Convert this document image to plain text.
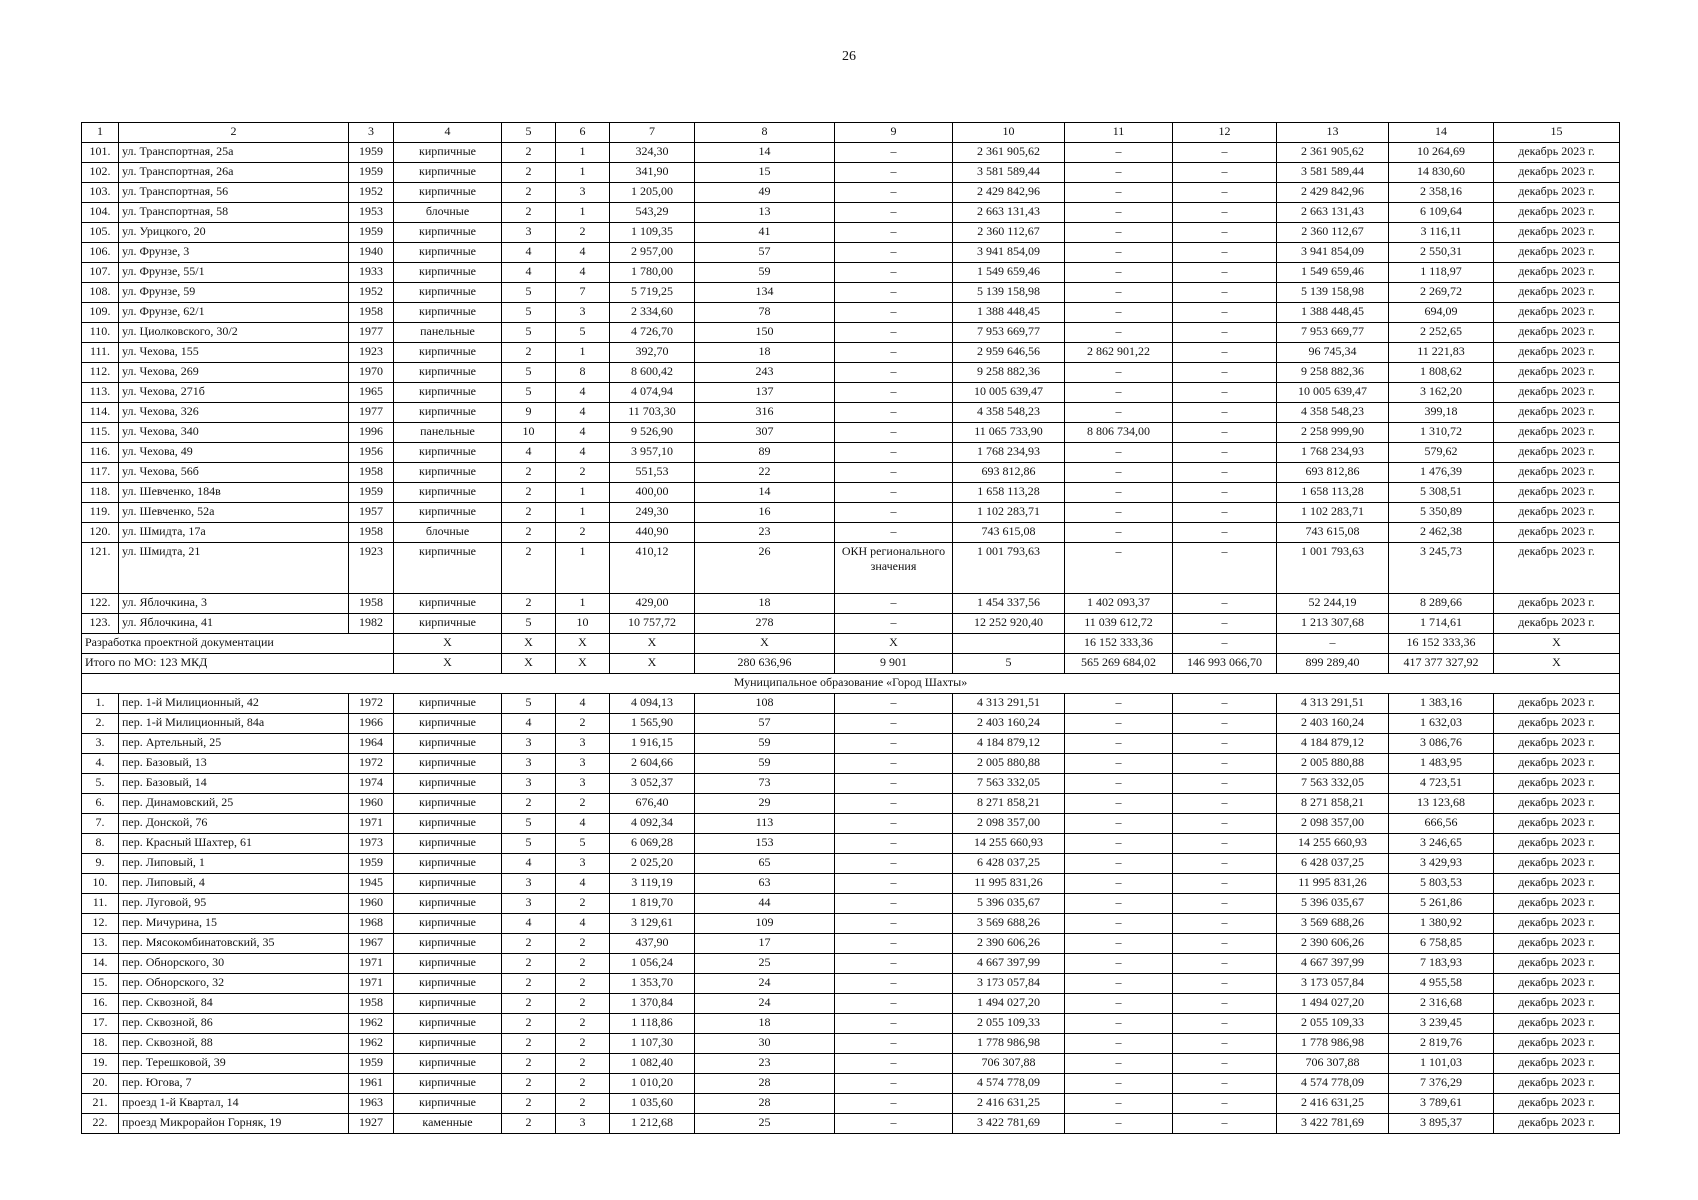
26
1	2	3	4	5	6	7	8	9	10	11	12	13	14	15	
101.	ул. Транспортная, 25а	1959	кирпичные	2	1	324,30	14	–	2 361 905,62	–	–	2 361 905,62	10 264,69	декабрь 2023 г.	
102.	ул. Транспортная, 26а	1959	кирпичные	2	1	341,90	15	–	3 581 589,44	–	–	3 581 589,44	14 830,60	декабрь 2023 г.	
103.	ул. Транспортная, 56	1952	кирпичные	2	3	1 205,00	49	–	2 429 842,96	–	–	2 429 842,96	2 358,16	декабрь 2023 г.	
104.	ул. Транспортная, 58	1953	блочные	2	1	543,29	13	–	2 663 131,43	–	–	2 663 131,43	6 109,64	декабрь 2023 г.	
105.	ул. Урицкого, 20	1959	кирпичные	3	2	1 109,35	41	–	2 360 112,67	–	–	2 360 112,67	3 116,11	декабрь 2023 г.	
106.	ул. Фрунзе, 3	1940	кирпичные	4	4	2 957,00	57	–	3 941 854,09	–	–	3 941 854,09	2 550,31	декабрь 2023 г.	
107.	ул. Фрунзе, 55/1	1933	кирпичные	4	4	1 780,00	59	–	1 549 659,46	–	–	1 549 659,46	1 118,97	декабрь 2023 г.	
108.	ул. Фрунзе, 59	1952	кирпичные	5	7	5 719,25	134	–	5 139 158,98	–	–	5 139 158,98	2 269,72	декабрь 2023 г.	
109.	ул. Фрунзе, 62/1	1958	кирпичные	5	3	2 334,60	78	–	1 388 448,45	–	–	1 388 448,45	694,09	декабрь 2023 г.	
110.	ул. Циолковского, 30/2	1977	панельные	5	5	4 726,70	150	–	7 953 669,77	–	–	7 953 669,77	2 252,65	декабрь 2023 г.	
111.	ул. Чехова, 155	1923	кирпичные	2	1	392,70	18	–	2 959 646,56	2 862 901,22	–	96 745,34	11 221,83	декабрь 2023 г.	
112.	ул. Чехова, 269	1970	кирпичные	5	8	8 600,42	243	–	9 258 882,36	–	–	9 258 882,36	1 808,62	декабрь 2023 г.	
113.	ул. Чехова, 271б	1965	кирпичные	5	4	4 074,94	137	–	10 005 639,47	–	–	10 005 639,47	3 162,20	декабрь 2023 г.	
114.	ул. Чехова, 326	1977	кирпичные	9	4	11 703,30	316	–	4 358 548,23	–	–	4 358 548,23	399,18	декабрь 2023 г.	
115.	ул. Чехова, 340	1996	панельные	10	4	9 526,90	307	–	11 065 733,90	8 806 734,00	–	2 258 999,90	1 310,72	декабрь 2023 г.	
116.	ул. Чехова, 49	1956	кирпичные	4	4	3 957,10	89	–	1 768 234,93	–	–	1 768 234,93	579,62	декабрь 2023 г.	
117.	ул. Чехова, 56б	1958	кирпичные	2	2	551,53	22	–	693 812,86	–	–	693 812,86	1 476,39	декабрь 2023 г.	
118.	ул. Шевченко, 184в	1959	кирпичные	2	1	400,00	14	–	1 658 113,28	–	–	1 658 113,28	5 308,51	декабрь 2023 г.	
119.	ул. Шевченко, 52а	1957	кирпичные	2	1	249,30	16	–	1 102 283,71	–	–	1 102 283,71	5 350,89	декабрь 2023 г.	
120.	ул. Шмидта, 17а	1958	блочные	2	2	440,90	23	–	743 615,08	–	–	743 615,08	2 462,38	декабрь 2023 г.	
121.	ул. Шмидта, 21	1923	кирпичные	2	1	410,12	26	ОКН регионального значения	1 001 793,63	–	–	1 001 793,63	3 245,73	декабрь 2023 г.	
122.	ул. Яблочкина, 3	1958	кирпичные	2	1	429,00	18	–	1 454 337,56	1 402 093,37	–	52 244,19	8 289,66	декабрь 2023 г.	
123.	ул. Яблочкина, 41	1982	кирпичные	5	10	10 757,72	278	–	12 252 920,40	11 039 612,72	–	1 213 307,68	1 714,61	декабрь 2023 г.	
Разработка проектной документации			Х	Х	Х	Х	Х	Х		16 152 333,36	–	–	16 152 333,36	Х	
Итого по МО: 123 МКД			Х	Х	Х	Х	280 636,96	9 901	5	565 269 684,02	146 993 066,70	899 289,40	417 377 327,92	Х	
Муниципальное образование «Город Шахты»															
1.	пер. 1-й Милиционный, 42	1972	кирпичные	5	4	4 094,13	108	–	4 313 291,51	–	–	4 313 291,51	1 383,16	декабрь 2023 г.	
2.	пер. 1-й Милиционный, 84а	1966	кирпичные	4	2	1 565,90	57	–	2 403 160,24	–	–	2 403 160,24	1 632,03	декабрь 2023 г.	
3.	пер. Артельный, 25	1964	кирпичные	3	3	1 916,15	59	–	4 184 879,12	–	–	4 184 879,12	3 086,76	декабрь 2023 г.	
4.	пер. Базовый, 13	1972	кирпичные	3	3	2 604,66	59	–	2 005 880,88	–	–	2 005 880,88	1 483,95	декабрь 2023 г.	
5.	пер. Базовый, 14	1974	кирпичные	3	3	3 052,37	73	–	7 563 332,05	–	–	7 563 332,05	4 723,51	декабрь 2023 г.	
6.	пер. Динамовский, 25	1960	кирпичные	2	2	676,40	29	–	8 271 858,21	–	–	8 271 858,21	13 123,68	декабрь 2023 г.	
7.	пер. Донской, 76	1971	кирпичные	5	4	4 092,34	113	–	2 098 357,00	–	–	2 098 357,00	666,56	декабрь 2023 г.	
8.	пер. Красный Шахтер, 61	1973	кирпичные	5	5	6 069,28	153	–	14 255 660,93	–	–	14 255 660,93	3 246,65	декабрь 2023 г.	
9.	пер. Липовый, 1	1959	кирпичные	4	3	2 025,20	65	–	6 428 037,25	–	–	6 428 037,25	3 429,93	декабрь 2023 г.	
10.	пер. Липовый, 4	1945	кирпичные	3	4	3 119,19	63	–	11 995 831,26	–	–	11 995 831,26	5 803,53	декабрь 2023 г.	
11.	пер. Луговой, 95	1960	кирпичные	3	2	1 819,70	44	–	5 396 035,67	–	–	5 396 035,67	5 261,86	декабрь 2023 г.	
12.	пер. Мичурина, 15	1968	кирпичные	4	4	3 129,61	109	–	3 569 688,26	–	–	3 569 688,26	1 380,92	декабрь 2023 г.	
13.	пер. Мясокомбинатовский, 35	1967	кирпичные	2	2	437,90	17	–	2 390 606,26	–	–	2 390 606,26	6 758,85	декабрь 2023 г.	
14.	пер. Обнорского, 30	1971	кирпичные	2	2	1 056,24	25	–	4 667 397,99	–	–	4 667 397,99	7 183,93	декабрь 2023 г.	
15.	пер. Обнорского, 32	1971	кирпичные	2	2	1 353,70	24	–	3 173 057,84	–	–	3 173 057,84	4 955,58	декабрь 2023 г.	
16.	пер. Сквозной, 84	1958	кирпичные	2	2	1 370,84	24	–	1 494 027,20	–	–	1 494 027,20	2 316,68	декабрь 2023 г.	
17.	пер. Сквозной, 86	1962	кирпичные	2	2	1 118,86	18	–	2 055 109,33	–	–	2 055 109,33	3 239,45	декабрь 2023 г.	
18.	пер. Сквозной, 88	1962	кирпичные	2	2	1 107,30	30	–	1 778 986,98	–	–	1 778 986,98	2 819,76	декабрь 2023 г.	
19.	пер. Терешковой, 39	1959	кирпичные	2	2	1 082,40	23	–	706 307,88	–	–	706 307,88	1 101,03	декабрь 2023 г.	
20.	пер. Югова, 7	1961	кирпичные	2	2	1 010,20	28	–	4 574 778,09	–	–	4 574 778,09	7 376,29	декабрь 2023 г.	
21.	проезд 1-й Квартал, 14	1963	кирпичные	2	2	1 035,60	28	–	2 416 631,25	–	–	2 416 631,25	3 789,61	декабрь 2023 г.	
22.	проезд Микрорайон Горняк, 19	1927	каменные	2	3	1 212,68	25	–	3 422 781,69	–	–	3 422 781,69	3 895,37	декабрь 2023 г.	
